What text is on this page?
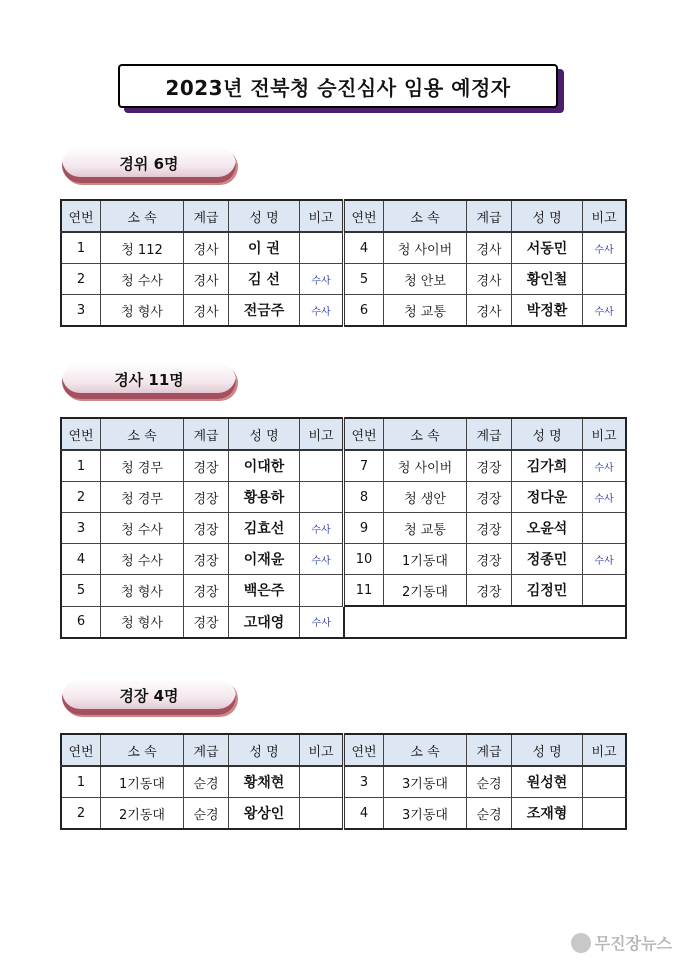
2023년 전북청 승진심사 임용 예정자
경위 6명
연번	소 속	계급	성 명	비고	연번	소 속	계급	성 명	비고
1	청 112	경사	이 권		4	청 사이버	경사	서동민	수사
2	청 수사	경사	김 선	수사	5	청 안보	경사	황인철	
3	청 형사	경사	전금주	수사	6	청 교통	경사	박정환	수사
경사 11명
연번	소 속	계급	성 명	비고	연번	소 속	계급	성 명	비고
1	청 경무	경장	이대한		7	청 사이버	경장	김가희	수사
2	청 경무	경장	황용하		8	청 생안	경장	정다운	수사
3	청 수사	경장	김효선	수사	9	청 교통	경장	오윤석	
4	청 수사	경장	이재윤	수사	10	1기동대	경장	정종민	수사
5	청 형사	경장	백은주		11	2기동대	경장	김정민	
6	청 형사	경장	고대영	수사					
경장 4명
연번	소 속	계급	성 명	비고	연번	소 속	계급	성 명	비고
1	1기동대	순경	황채현		3	3기동대	순경	원성현	
2	2기동대	순경	왕상인		4	3기동대	순경	조재형	
무진장뉴스
